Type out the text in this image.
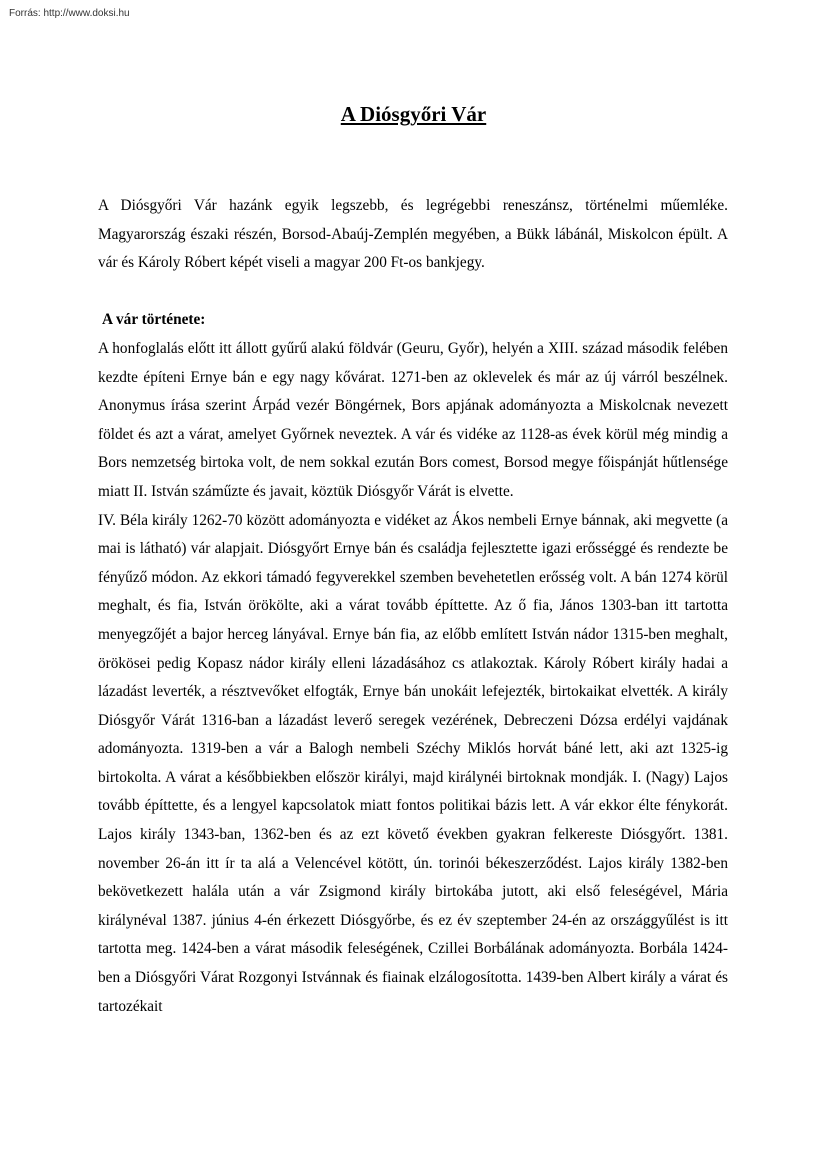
Forrás: http://www.doksi.hu
A Diósgyőri Vár

A Diósgyőri Vár hazánk egyik legszebb, és legrégebbi reneszánsz, történelmi műemléke. Magyarország északi részén, Borsod-Abaúj-Zemplén megyében, a Bükk lábánál, Miskolcon épült. A vár és Károly Róbert képét viseli a magyar 200 Ft-os bankjegy.

A vár története:

A honfoglalás előtt itt állott gyűrű alakú földvár (Geuru, Győr), helyén a XIII. század második felében kezdte építeni Ernye bán e egy nagy kővárat. 1271-ben az oklevelek és már az új várról beszélnek. Anonymus írása szerint Árpád vezér Böngérnek, Bors apjának adományozta a Miskolcnak nevezett földet és azt a várat, amelyet Győrnek neveztek. A vár és vidéke az 1128-as évek körül még mindig a Bors nemzetség birtoka volt, de nem sokkal ezután Bors comest, Borsod megye főispánját hűtlensége miatt II. István száműzte és javait, köztük Diósgyőr Várát is elvette.

IV. Béla király 1262-70 között adományozta e vidéket az Ákos nembeli Ernye bánnak, aki megvette (a mai is látható) vár alapjait. Diósgyőrt Ernye bán és családja fejlesztette igazi erősséggé és rendezte be fényűző módon. Az ekkori támadó fegyverekkel szemben bevehetetlen erősség volt. A bán 1274 körül meghalt, és fia, István örökölte, aki a várat tovább építtette. Az ő fia, János 1303-ban itt tartotta menyegzőjét a bajor herceg lányával. Ernye bán fia, az előbb említett István nádor 1315-ben meghalt, örökösei pedig Kopasz nádor király elleni lázadásához cs atlakoztak. Károly Róbert király hadai a lázadást leverték, a résztvevőket elfogták, Ernye bán unokáit lefejezték, birtokaikat elvették. A király Diósgyőr Várát 1316-ban a lázadást leverő seregek vezérének, Debreczeni Dózsa erdélyi vajdának adományozta. 1319-ben a vár a Balogh nembeli Széchy Miklós horvát báné lett, aki azt 1325-ig birtokolta. A várat a későbbiekben először királyi, majd királynéi birtoknak mondják. I. (Nagy) Lajos tovább építtette, és a lengyel kapcsolatok miatt fontos politikai bázis lett. A vár ekkor élte fénykorát. Lajos király 1343-ban, 1362-ben és az ezt követő években gyakran felkereste Diósgyőrt. 1381. november 26-án itt ír ta alá a Velencével kötött, ún. torinói békeszerződést. Lajos király 1382-ben bekövetkezett halála után a vár Zsigmond király birtokába jutott, aki első feleségével, Mária királynéval 1387. június 4-én érkezett Diósgyőrbe, és ez év szeptember 24-én az országgyűlést is itt tartotta meg. 1424-ben a várat második feleségének, Czillei Borbálának adományozta. Borbála 1424-ben a Diósgyőri Várat Rozgonyi Istvánnak és fiainak elzálogosította. 1439-ben Albert király a várat és tartozékait
